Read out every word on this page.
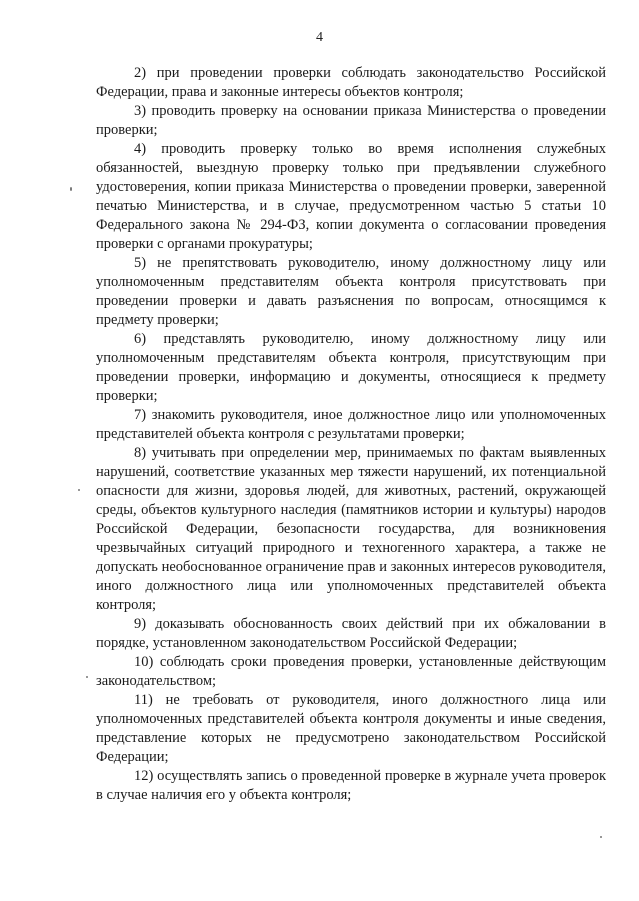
4

2) при проведении проверки соблюдать законодательство Российской Федерации, права и законные интересы объектов контроля;

3) проводить проверку на основании приказа Министерства о проведении проверки;

4) проводить проверку только во время исполнения служебных обязанностей, выездную проверку только при предъявлении служебного удостоверения, копии приказа Министерства о проведении проверки, заверенной печатью Министерства, и в случае, предусмотренном частью 5 статьи 10 Федерального закона № 294-ФЗ, копии документа о согласовании проведения проверки с органами прокуратуры;

5) не препятствовать руководителю, иному должностному лицу или уполномоченным представителям объекта контроля присутствовать при проведении проверки и давать разъяснения по вопросам, относящимся к предмету проверки;

6) представлять руководителю, иному должностному лицу или уполномоченным представителям объекта контроля, присутствующим при проведении проверки, информацию и документы, относящиеся к предмету проверки;

7) знакомить руководителя, иное должностное лицо или уполномоченных представителей объекта контроля с результатами проверки;

8) учитывать при определении мер, принимаемых по фактам выявленных нарушений, соответствие указанных мер тяжести нарушений, их потенциальной опасности для жизни, здоровья людей, для животных, растений, окружающей среды, объектов культурного наследия (памятников истории и культуры) народов Российской Федерации, безопасности государства, для возникновения чрезвычайных ситуаций природного и техногенного характера, а также не допускать необоснованное ограничение прав и законных интересов руководителя, иного должностного лица или уполномоченных представителей объекта контроля;

9) доказывать обоснованность своих действий при их обжаловании в порядке, установленном законодательством Российской Федерации;

10) соблюдать сроки проведения проверки, установленные действующим законодательством;

11) не требовать от руководителя, иного должностного лица или уполномоченных представителей объекта контроля документы и иные сведения, представление которых не предусмотрено законодательством Российской Федерации;

12) осуществлять запись о проведенной проверке в журнале учета проверок в случае наличия его у объекта контроля;
